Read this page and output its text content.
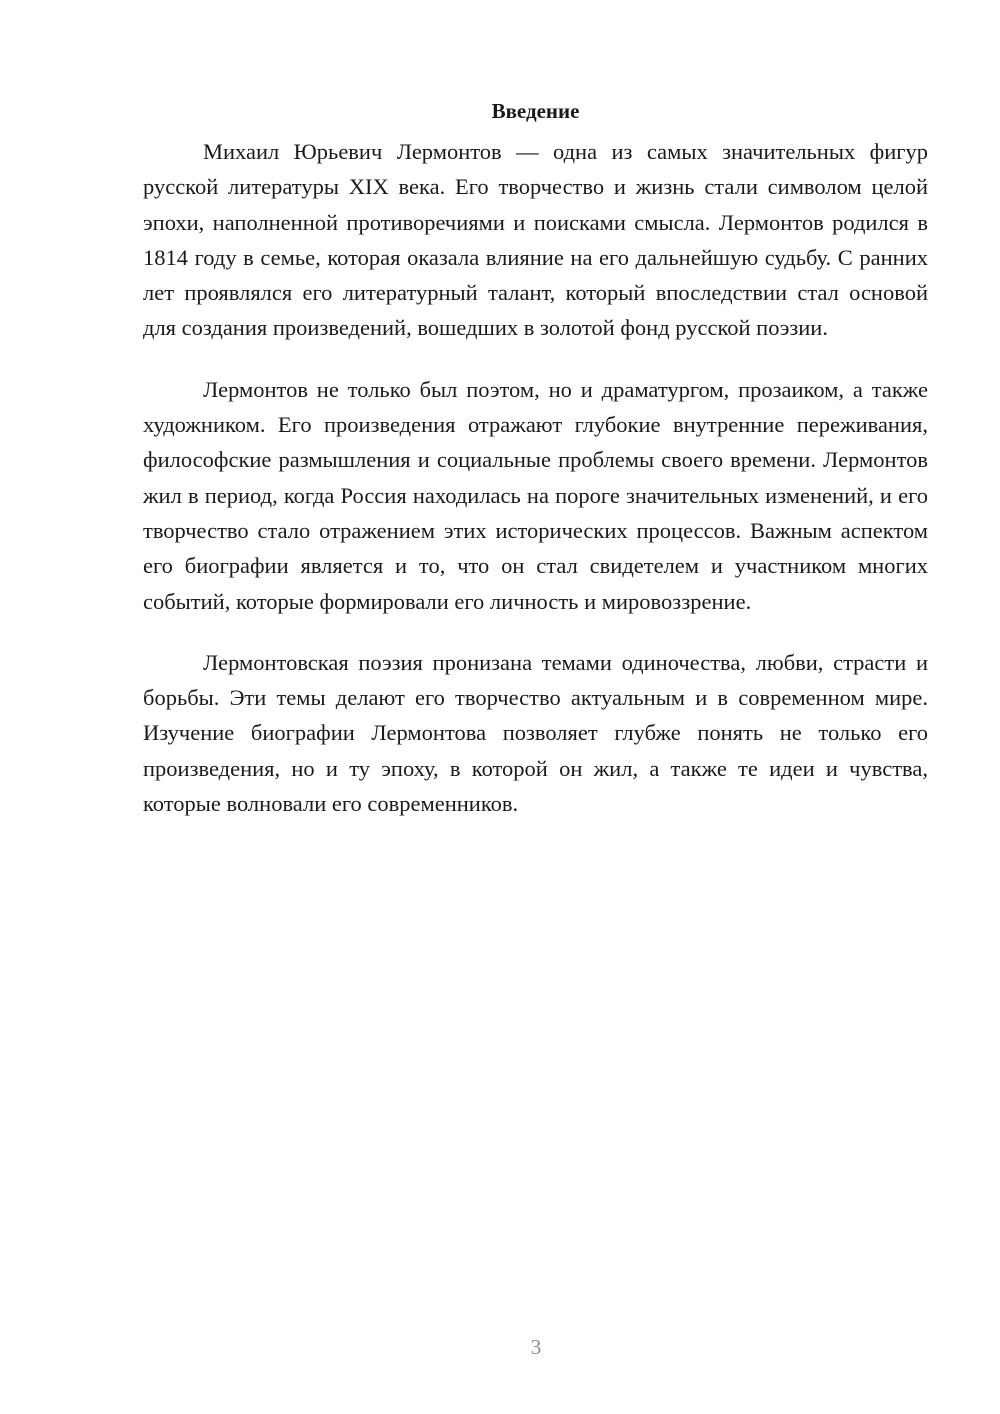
Введение

Михаил Юрьевич Лермонтов — одна из самых значительных фигур русской литературы XIX века. Его творчество и жизнь стали символом целой эпохи, наполненной противоречиями и поисками смысла. Лермонтов родился в 1814 году в семье, которая оказала влияние на его дальнейшую судьбу. С ранних лет проявлялся его литературный талант, который впоследствии стал основой для создания произведений, вошедших в золотой фонд русской поэзии.

Лермонтов не только был поэтом, но и драматургом, прозаиком, а также художником. Его произведения отражают глубокие внутренние переживания, философские размышления и социальные проблемы своего времени. Лермонтов жил в период, когда Россия находилась на пороге значительных изменений, и его творчество стало отражением этих исторических процессов. Важным аспектом его биографии является и то, что он стал свидетелем и участником многих событий, которые формировали его личность и мировоззрение.

Лермонтовская поэзия пронизана темами одиночества, любви, страсти и борьбы. Эти темы делают его творчество актуальным и в современном мире. Изучение биографии Лермонтова позволяет глубже понять не только его произведения, но и ту эпоху, в которой он жил, а также те идеи и чувства, которые волновали его современников.

3
